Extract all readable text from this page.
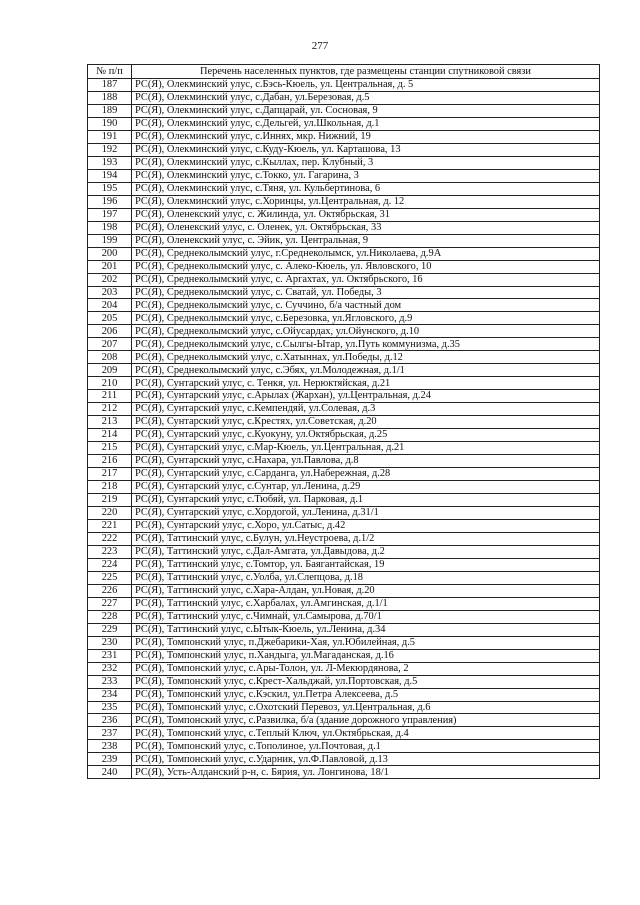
277
№ п/п	Перечень населенных пунктов, где размещены станции спутниковой связи
187	РС(Я), Олекминский улус, с.Бэсь-Кюель, ул. Центральная, д. 5
188	РС(Я), Олекминский улус, с.Дабан, ул.Березовая, д.5
189	РС(Я), Олекминский улус, с.Дапцарай, ул. Сосновая, 9
190	РС(Я), Олекминский улус, с.Дельгей, ул.Школьная, д.1
191	РС(Я), Олекминский улус, с.Иннях, мкр. Нижний, 19
192	РС(Я), Олекминский улус, с.Куду-Кюель, ул. Карташова, 13
193	РС(Я), Олекминский улус, с.Кыллах, пер. Клубный, 3
194	РС(Я), Олекминский улус, с.Токко, ул. Гагарина, 3
195	РС(Я), Олекминский улус, с.Тяня, ул. Кульбертинова, 6
196	РС(Я), Олекминский улус, с.Хоринцы, ул.Центральная, д. 12
197	РС(Я), Оленекский улус, с. Жилинда, ул. Октябрьская, 31
198	РС(Я), Оленекский улус, с. Оленек, ул. Октябрьская, 33
199	РС(Я), Оленекский улус, с. Эйик, ул. Центральная, 9
200	РС(Я), Среднеколымский улус, г.Среднеколымск, ул.Николаева, д.9А
201	РС(Я), Среднеколымский улус, с. Алеко-Кюель, ул. Явловского, 10
202	РС(Я), Среднеколымский улус, с. Аргахтах, ул. Октябрьского, 16
203	РС(Я), Среднеколымский улус, с. Сватай, ул. Победы, 3
204	РС(Я), Среднеколымский улус, с. Суччино, б/а частный дом
205	РС(Я), Среднеколымский улус, с.Березовка, ул.Ягловского, д.9
206	РС(Я), Среднеколымский улус, с.Ойусардах, ул.Ойунского, д.10
207	РС(Я), Среднеколымский улус, с.Сылгы-Ытар, ул.Путь коммунизма, д.35
208	РС(Я), Среднеколымский улус, с.Хатыннах, ул.Победы, д.12
209	РС(Я), Среднеколымский улус, с.Эбях, ул.Молодежная, д.1/1
210	РС(Я), Сунтарский улус, с. Тенкя, ул. Нерюктяйская, д.21
211	РС(Я), Сунтарский улус, с.Арылах (Жархан), ул.Центральная, д.24
212	РС(Я), Сунтарский улус, с.Кемпендяй, ул.Солевая, д.3
213	РС(Я), Сунтарский улус, с.Крестях, ул.Советская, д.20
214	РС(Я), Сунтарский улус, с.Куокуну, ул.Октябрьская, д.25
215	РС(Я), Сунтарский улус, с.Мар-Кюель, ул.Центральная, д.21
216	РС(Я), Сунтарский улус, с.Нахара, ул.Павлова, д.8
217	РС(Я), Сунтарский улус, с.Сарданга, ул.Набережная, д.28
218	РС(Я), Сунтарский улус, с.Сунтар, ул.Ленина, д.29
219	РС(Я), Сунтарский улус, с.Тюбяй, ул. Парковая, д.1
220	РС(Я), Сунтарский улус, с.Хордогой, ул.Ленина, д.31/1
221	РС(Я), Сунтарский улус, с.Хоро, ул.Сатыс, д.42
222	РС(Я), Таттинский улус, с.Булун, ул.Неустроева, д.1/2
223	РС(Я), Таттинский улус, с.Дал-Амгата, ул.Давыдова, д.2
224	РС(Я), Таттинский улус, с.Томтор, ул. Баягантайская, 19
225	РС(Я), Таттинский улус, с.Уолба, ул.Слепцова, д.18
226	РС(Я), Таттинский улус, с.Хара-Алдан, ул.Новая, д.20
227	РС(Я), Таттинский улус, с.Харбалах, ул.Амгинская, д.1/1
228	РС(Я), Таттинский улус, с.Чимнай, ул.Самырова, д.70/1
229	РС(Я), Таттинский улус, с.Ытык-Кюель, ул.Ленина, д.34
230	РС(Я), Томпонский улус, п.Джебарики-Хая, ул.Юбилейная, д.5
231	РС(Я), Томпонский улус, п.Хандыга, ул.Магаданская, д.16
232	РС(Я), Томпонский улус, с.Ары-Толон, ул. Л-Мекюрдянова, 2
233	РС(Я), Томпонский улус, с.Крест-Хальджай, ул.Портовская, д.5
234	РС(Я), Томпонский улус, с.Кэскил, ул.Петра Алексеева, д.5
235	РС(Я), Томпонский улус, с.Охотский Перевоз, ул.Центральная, д.6
236	РС(Я), Томпонский улус, с.Развилка, б/а (здание дорожного управления)
237	РС(Я), Томпонский улус, с.Теплый Ключ, ул.Октябрьская, д.4
238	РС(Я), Томпонский улус, с.Тополиное, ул.Почтовая, д.1
239	РС(Я), Томпонский улус, с.Ударник, ул.Ф.Павловой, д.13
240	РС(Я), Усть-Алданский р-н, с. Бярия, ул. Лонгинова, 18/1
